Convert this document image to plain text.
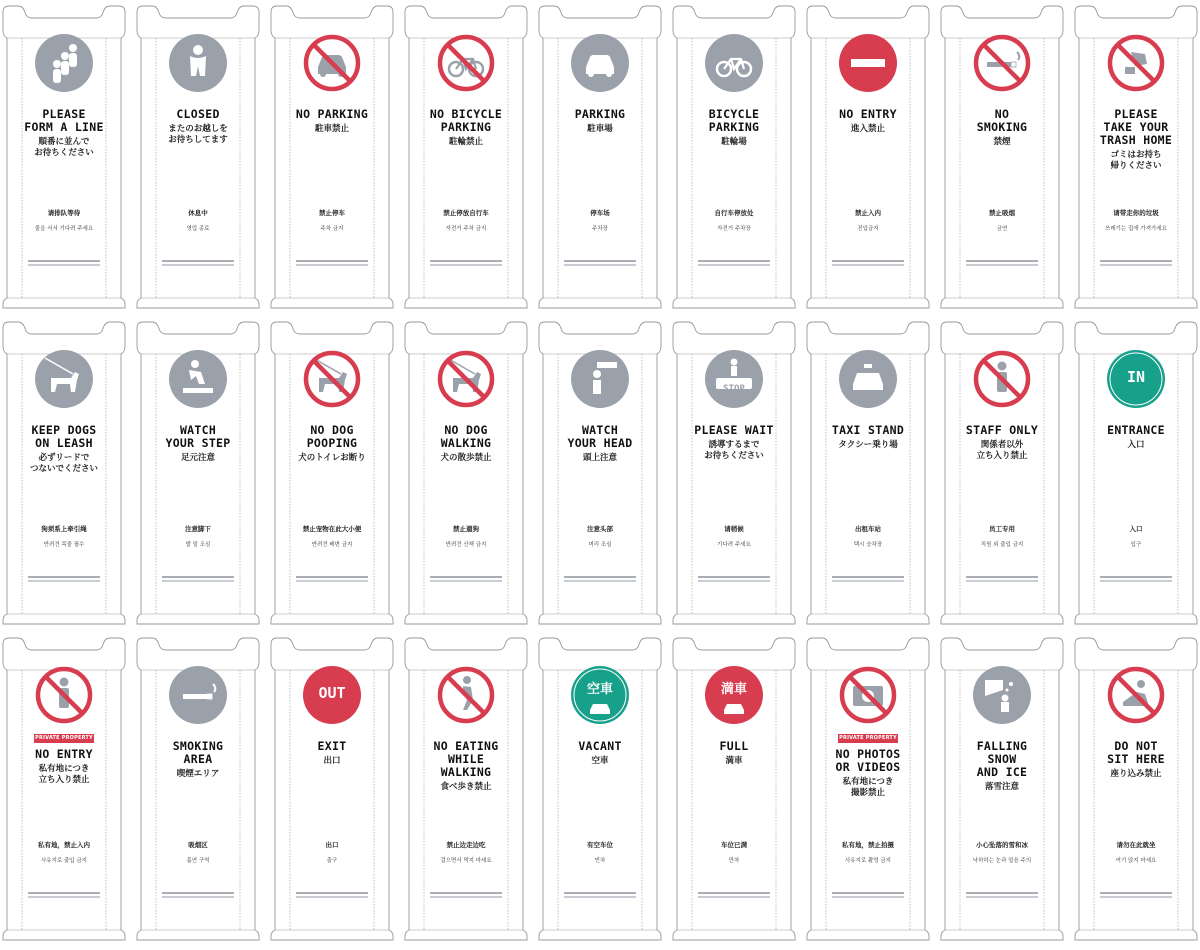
PLEASE
FORM A LINE
順番に並んで
お待ちください
请排队等待
줄을 서서 기다려 주세요
CLOSED
またのお越しを
お待ちしてます
休息中
영업 종료
NO PARKING
駐車禁止
禁止停车
주차 금지
NO BICYCLE
PARKING
駐輪禁止
禁止停放自行车
자전거 주차 금지
PARKING
駐車場
停车场
주차장
BICYCLE
PARKING
駐輪場
自行车停放处
자전거 주차장
NO ENTRY
進入禁止
禁止入内
진입금지
NO
SMOKING
禁煙
禁止吸烟
금연
PLEASE
TAKE YOUR
TRASH HOME
ゴミはお持ち
帰りください
请带走你的垃圾
쓰레기는 집에 가져가세요
KEEP DOGS
ON LEASH
必ずリードで
つないでください
狗须系上牵引绳
반려견 목줄 필수
WATCH
YOUR STEP
足元注意
注意脚下
발 밑 조심
NO DOG
POOPING
犬のトイレお断り
禁止宠物在此大小便
반려견 배변 금지
NO DOG
WALKING
犬の散歩禁止
禁止遛狗
반려견 산책 금지
WATCH
YOUR HEAD
頭上注意
注意头部
머리 조심
STOP
PLEASE WAIT
誘導するまで
お待ちください
请稍候
기다려 주세요
TAXI STAND
タクシー乗り場
出租车站
택시 승차장
STAFF ONLY
関係者以外
立ち入り禁止
员工专用
직원 외 출입 금지
IN
ENTRANCE
入口
入口
입구
PRIVATE PROPERTY
NO ENTRY
私有地につき
立ち入り禁止
私有地，禁止入内
사유지로 출입 금지
SMOKING
AREA
喫煙エリア
吸烟区
흡연 구역
OUT
EXIT
出口
出口
출구
NO EATING
WHILE
WALKING
食べ歩き禁止
禁止边走边吃
걸으면서 먹지 마세요
空車
VACANT
空車
有空车位
빈차
満車
FULL
満車
车位已满
만차
PRIVATE PROPERTY
NO PHOTOS
OR VIDEOS
私有地につき
撮影禁止
私有地，禁止拍摄
사유지로 촬영 금지
FALLING
SNOW
AND ICE
落雪注意
小心坠落的雪和冰
낙하하는 눈과 얼음 주의
DO NOT
SIT HERE
座り込み禁止
请勿在此就坐
여기 앉지 마세요
